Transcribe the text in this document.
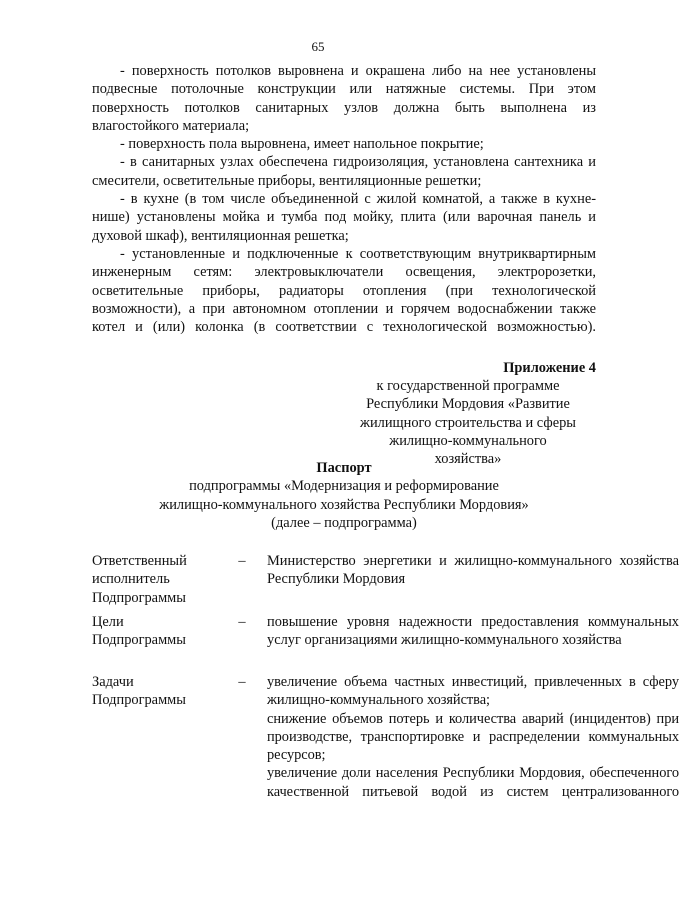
65

- поверхность потолков выровнена и окрашена либо на нее установлены подвесные потолочные конструкции или натяжные системы. При этом поверхность потолков санитарных узлов должна быть выполнена из влагостойкого материала;

- поверхность пола выровнена, имеет напольное покрытие;

- в санитарных узлах обеспечена гидроизоляция, установлена сантехника и смесители, осветительные приборы, вентиляционные решетки;

- в кухне (в том числе объединенной с жилой комнатой, а также в кухне-нише) установлены мойка и тумба под мойку, плита (или варочная панель и духовой шкаф), вентиляционная решетка;

- установленные и подключенные к соответствующим внутриквартирным инженерным сетям: электровыключатели освещения, электророзетки, осветительные приборы, радиаторы отопления (при технологической возможности), а при автономном отоплении и горячем водоснабжении также котел и (или) колонка (в соответствии с технологической возможностью).

Приложение 4
к государственной программе
Республики Мордовия «Развитие
жилищного строительства и сферы
жилищно-коммунального
хозяйства»
Паспорт
подпрограммы «Модернизация и реформирование
жилищно-коммунального хозяйства Республики Мордовия»
(далее – подпрограмма)
Ответственный
исполнитель
Подпрограммы
– Министерство энергетики и жилищно-коммунального хозяйства Республики Мордовия

Цели
Подпрограммы
– повышение уровня надежности предоставления коммунальных услуг организациями жилищно-коммунального хозяйства

Задачи
Подпрограммы
– увеличение объема частных инвестиций, привлеченных в сферу жилищно-коммунального хозяйства;

снижение объемов потерь и количества аварий (инцидентов) при производстве, транспортировке и распределении коммунальных ресурсов;

увеличение доли населения Республики Мордовия, обеспеченного качественной питьевой водой из систем централизованного
